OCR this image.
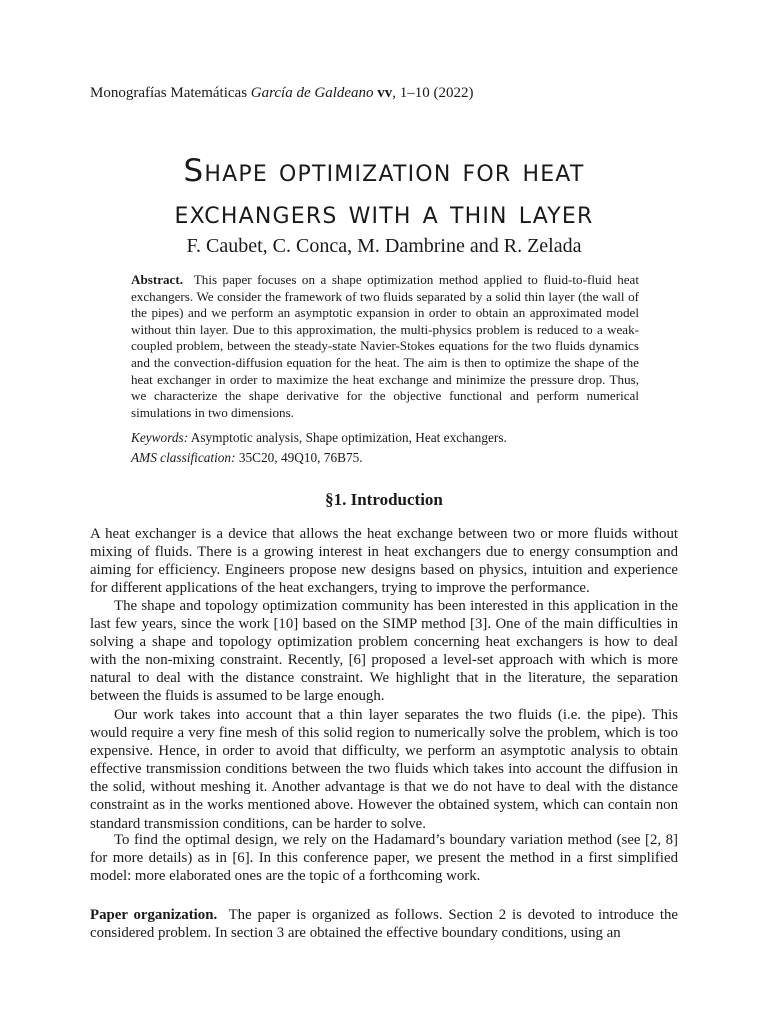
Monografías Matemáticas García de Galdeano vv, 1–10 (2022)
Shape optimization for heat
exchangers with a thin layer
F. Caubet, C. Conca, M. Dambrine and R. Zelada

Abstract. This paper focuses on a shape optimization method applied to fluid-to-fluid heat exchangers. We consider the framework of two fluids separated by a solid thin layer (the wall of the pipes) and we perform an asymptotic expansion in order to obtain an approximated model without thin layer. Due to this approximation, the multi-physics problem is reduced to a weak-coupled problem, between the steady-state Navier-Stokes equations for the two fluids dynamics and the convection-diffusion equation for the heat. The aim is then to optimize the shape of the heat exchanger in order to maximize the heat exchange and minimize the pressure drop. Thus, we characterize the shape derivative for the objective functional and perform numerical simulations in two dimensions.

Keywords: Asymptotic analysis, Shape optimization, Heat exchangers.
AMS classification: 35C20, 49Q10, 76B75.
§1. Introduction

A heat exchanger is a device that allows the heat exchange between two or more fluids without mixing of fluids. There is a growing interest in heat exchangers due to energy consumption and aiming for efficiency. Engineers propose new designs based on physics, intuition and experience for different applications of the heat exchangers, trying to improve the performance.

The shape and topology optimization community has been interested in this application in the last few years, since the work [10] based on the SIMP method [3]. One of the main difficulties in solving a shape and topology optimization problem concerning heat exchangers is how to deal with the non-mixing constraint. Recently, [6] proposed a level-set approach with which is more natural to deal with the distance constraint. We highlight that in the literature, the separation between the fluids is assumed to be large enough.

Our work takes into account that a thin layer separates the two fluids (i.e. the pipe). This would require a very fine mesh of this solid region to numerically solve the problem, which is too expensive. Hence, in order to avoid that difficulty, we perform an asymptotic analysis to obtain effective transmission conditions between the two fluids which takes into account the diffusion in the solid, without meshing it. Another advantage is that we do not have to deal with the distance constraint as in the works mentioned above. However the obtained system, which can contain non standard transmission conditions, can be harder to solve.

To find the optimal design, we rely on the Hadamard’s boundary variation method (see [2, 8] for more details) as in [6]. In this conference paper, we present the method in a first simplified model: more elaborated ones are the topic of a forthcoming work.

Paper organization. The paper is organized as follows. Section 2 is devoted to introduce the considered problem. In section 3 are obtained the effective boundary conditions, using an
